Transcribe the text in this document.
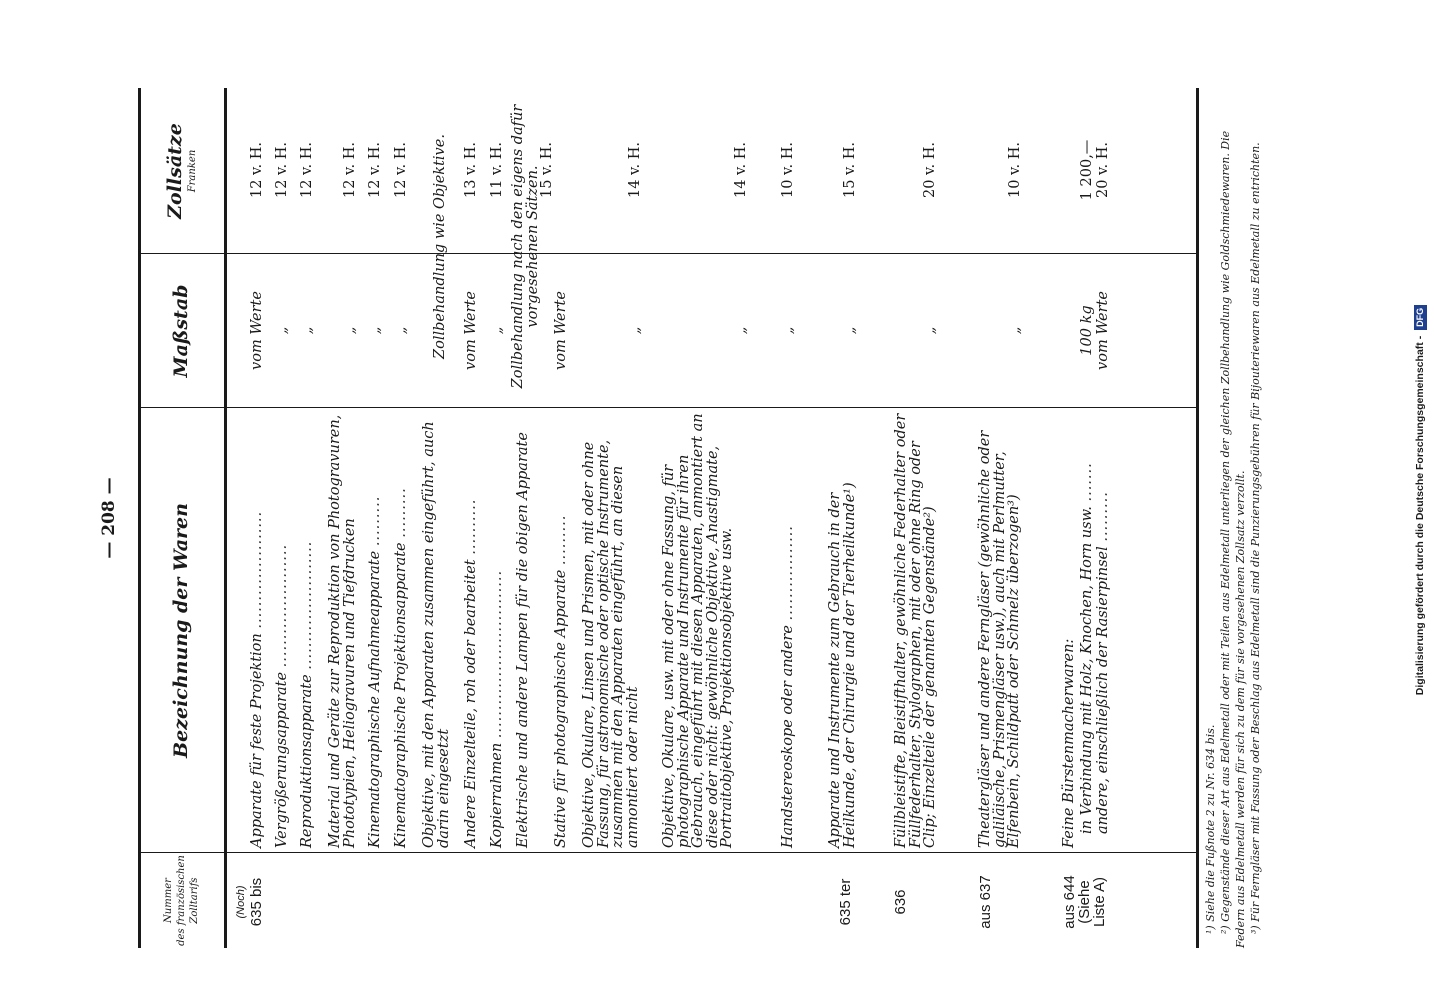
Digitalisierung gefördert durch die Deutsche Forschungsgemeinschaft -
DFG
— 208 —
Nummer des französischen Zolltarifs
Bezeichnung der Waren
Maßstab
Zollsätze Franken
(Noch) 635 bis
Apparate für feste Projektion .....................
vom Werte
12 v. H.
Vergrößerungsapparate ......................
„
12 v. H.
Reproduktionsapparate .......................
„
12 v. H.
Material und Geräte zur Reproduktion von Photogravuren, Phototypien, Heliogravuren und Tiefdrucken
„
12 v. H.
Kinematographische Aufnahmeapparate .........
„
12 v. H.
Kinematographische Projektionsapparate .........
„
12 v. H.
Objektive, mit den Apparaten zusammen eingeführt, auch darin eingesetzt
Zollbehandlung wie Objektive.
Andere Einzelteile, roh oder bearbeitet ..........
vom Werte
13 v. H.
Kopierrahmen ..............................
„
11 v. H.
Elektrische und andere Lampen für die obigen Apparate
Zollbehandlung nach den eigens dafür vorgesehenen Sätzen.
Stative für photographische Apparate .........
vom Werte
15 v. H.
Objektive, Okulare, Linsen und Prismen, mit oder ohne Fassung, für astronomische oder optische Instrumente, zusammen mit den Apparaten eingeführt, an diesen anmontiert oder nicht
„
14 v. H.
Objektive, Okulare, usw. mit oder ohne Fassung, für photographische Apparate und Instrumente für ihren Gebrauch, eingeführt mit diesen Apparaten, anmontiert an diese oder nicht: gewöhnliche Objektive, Anastigmate, Portraitobjektive, Projektionsobjektive usw.
„
14 v. H.
Handstereoskope oder andere .................
„
10 v. H.
635 ter
Apparate und Instrumente zum Gebrauch in der Heilkunde, der Chirurgie und der Tierheilkunde¹)
„
15 v. H.
636
Füllbleistifte, Bleistifthalter, gewöhnliche Federhalter oder Füllfederhalter, Stylographen, mit oder ohne Ring oder Clip; Einzelteile der genannten Gegenstände²)
„
20 v. H.
aus 637
Theatergläser und andere Ferngläser (gewöhnliche oder galiläische, Prismengläser usw.), auch mit Perlmutter, Elfenbein, Schildpatt oder Schmelz überzogen³)
„
10 v. H.
aus 644
(Siehe
Liste A)
Feine Bürstenmacherwaren: in Verbindung mit Holz, Knochen, Horn usw. .......
100 kg
1 200,—
andere, einschließlich der Rasierpinsel .........
vom Werte
20 v. H.

¹) Siehe die Fußnote 2 zu Nr. 634 bis. ²) Gegenstände dieser Art aus Edelmetall oder mit Teilen aus Edelmetall unterliegen der gleichen Zollbehandlung wie Goldschmiedewaren. Die Federn aus Edelmetall werden für sich zu dem für sie vorgesehenen Zollsatz verzollt. ³) Für Ferngläser mit Fassung oder Beschlag aus Edelmetall sind die Punzierungsgebühren für Bijouteriewaren aus Edelmetall zu entrichten.
